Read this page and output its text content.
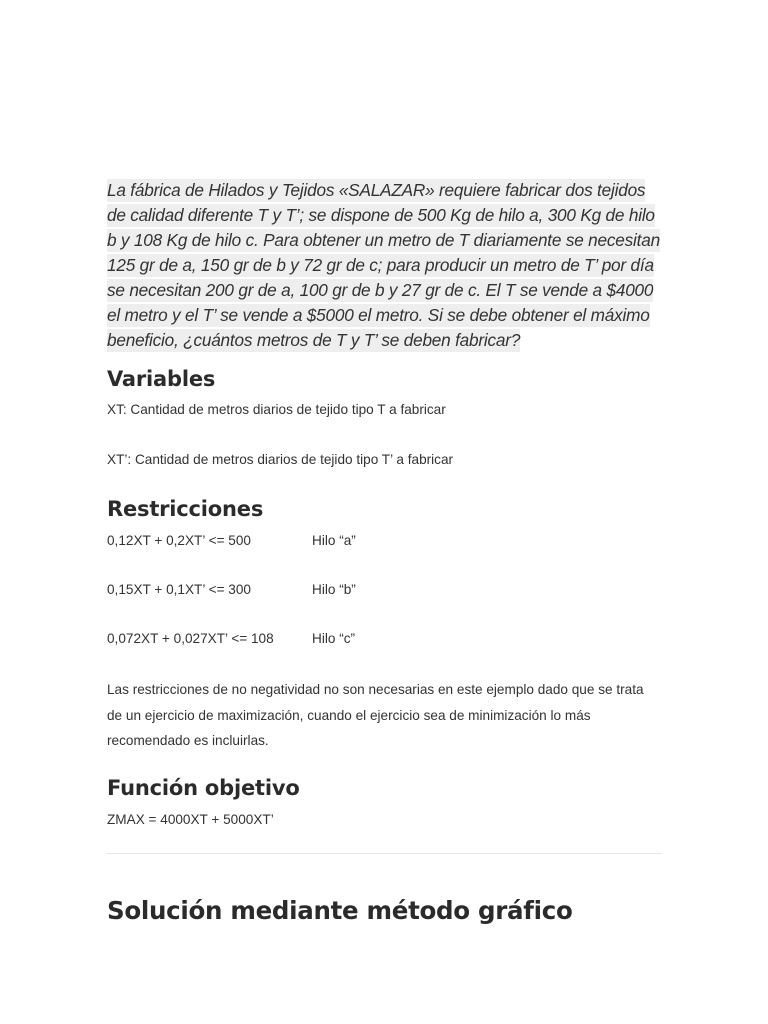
La fábrica de Hilados y Tejidos «SALAZAR» requiere fabricar dos tejidos de calidad diferente T y T’; se dispone de 500 Kg de hilo a, 300 Kg de hilo b y 108 Kg de hilo c. Para obtener un metro de T diariamente se necesitan 125 gr de a, 150 gr de b y 72 gr de c; para producir un metro de T’ por día se necesitan 200 gr de a, 100 gr de b y 27 gr de c. El T se vende a $4000 el metro y el T’ se vende a $5000 el metro. Si se debe obtener el máximo beneficio, ¿cuántos metros de T y T’ se deben fabricar?

Variables

XT: Cantidad de metros diarios de tejido tipo T a fabricar

XT’: Cantidad de metros diarios de tejido tipo T’ a fabricar

Restricciones
0,12XT + 0,2XT’ <= 500	Hilo “a”
0,15XT + 0,1XT’ <= 300	Hilo “b”
0,072XT + 0,027XT’ <= 108	Hilo “c”

Las restricciones de no negatividad no son necesarias en este ejemplo dado que se trata de un ejercicio de maximización, cuando el ejercicio sea de minimización lo más recomendado es incluirlas.

Función objetivo

ZMAX = 4000XT + 5000XT’

Solución mediante método gráfico
